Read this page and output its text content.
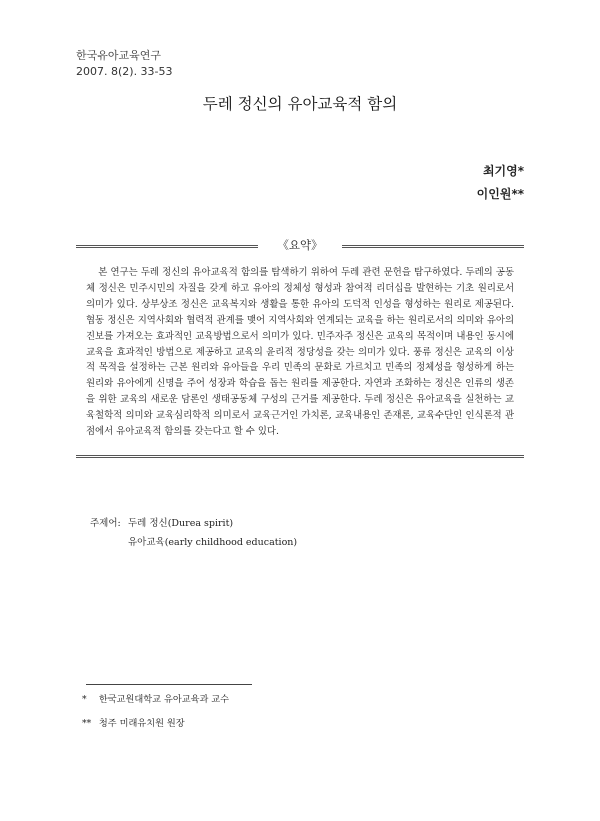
한국유아교육연구
2007. 8(2). 33-53
두레 정신의 유아교육적 함의
최기영*
이인원**
《요약》
본 연구는 두레 정신의 유아교육적 함의를 탐색하기 위하여 두레 관련 문헌을 탐구하였다. 두레의 공동체 정신은 민주시민의 자질을 갖게 하고 유아의 정체성 형성과 참여적 리더십을 발현하는 기초 원리로서 의미가 있다. 상부상조 정신은 교육복지와 생활을 통한 유아의 도덕적 인성을 형성하는 원리로 제공된다. 협동 정신은 지역사회와 협력적 관계를 맺어 지역사회와 연계되는 교육을 하는 원리로서의 의미와 유아의 진보를 가져오는 효과적인 교육방법으로서 의미가 있다. 민주자주 정신은 교육의 목적이며 내용인 동시에 교육을 효과적인 방법으로 제공하고 교육의 윤리적 정당성을 갖는 의미가 있다. 풍류 정신은 교육의 이상적 목적을 설정하는 근본 원리와 유아들을 우리 민족의 문화로 가르치고 민족의 정체성을 형성하게 하는 원리와 유아에게 신명을 주어 성장과 학습을 돕는 원리를 제공한다. 자연과 조화하는 정신은 인류의 생존을 위한 교육의 새로운 담론인 생태공동체 구성의 근거를 제공한다. 두레 정신은 유아교육을 실천하는 교육철학적 의미와 교육심리학적 의미로서 교육근거인 가치론, 교육내용인 존재론, 교육수단인 인식론적 관점에서 유아교육적 함의를 갖는다고 할 수 있다.
주제어: 두레 정신(Durea spirit)
유아교육(early childhood education)
* 한국교원대학교 유아교육과 교수
** 청주 미래유치원 원장
